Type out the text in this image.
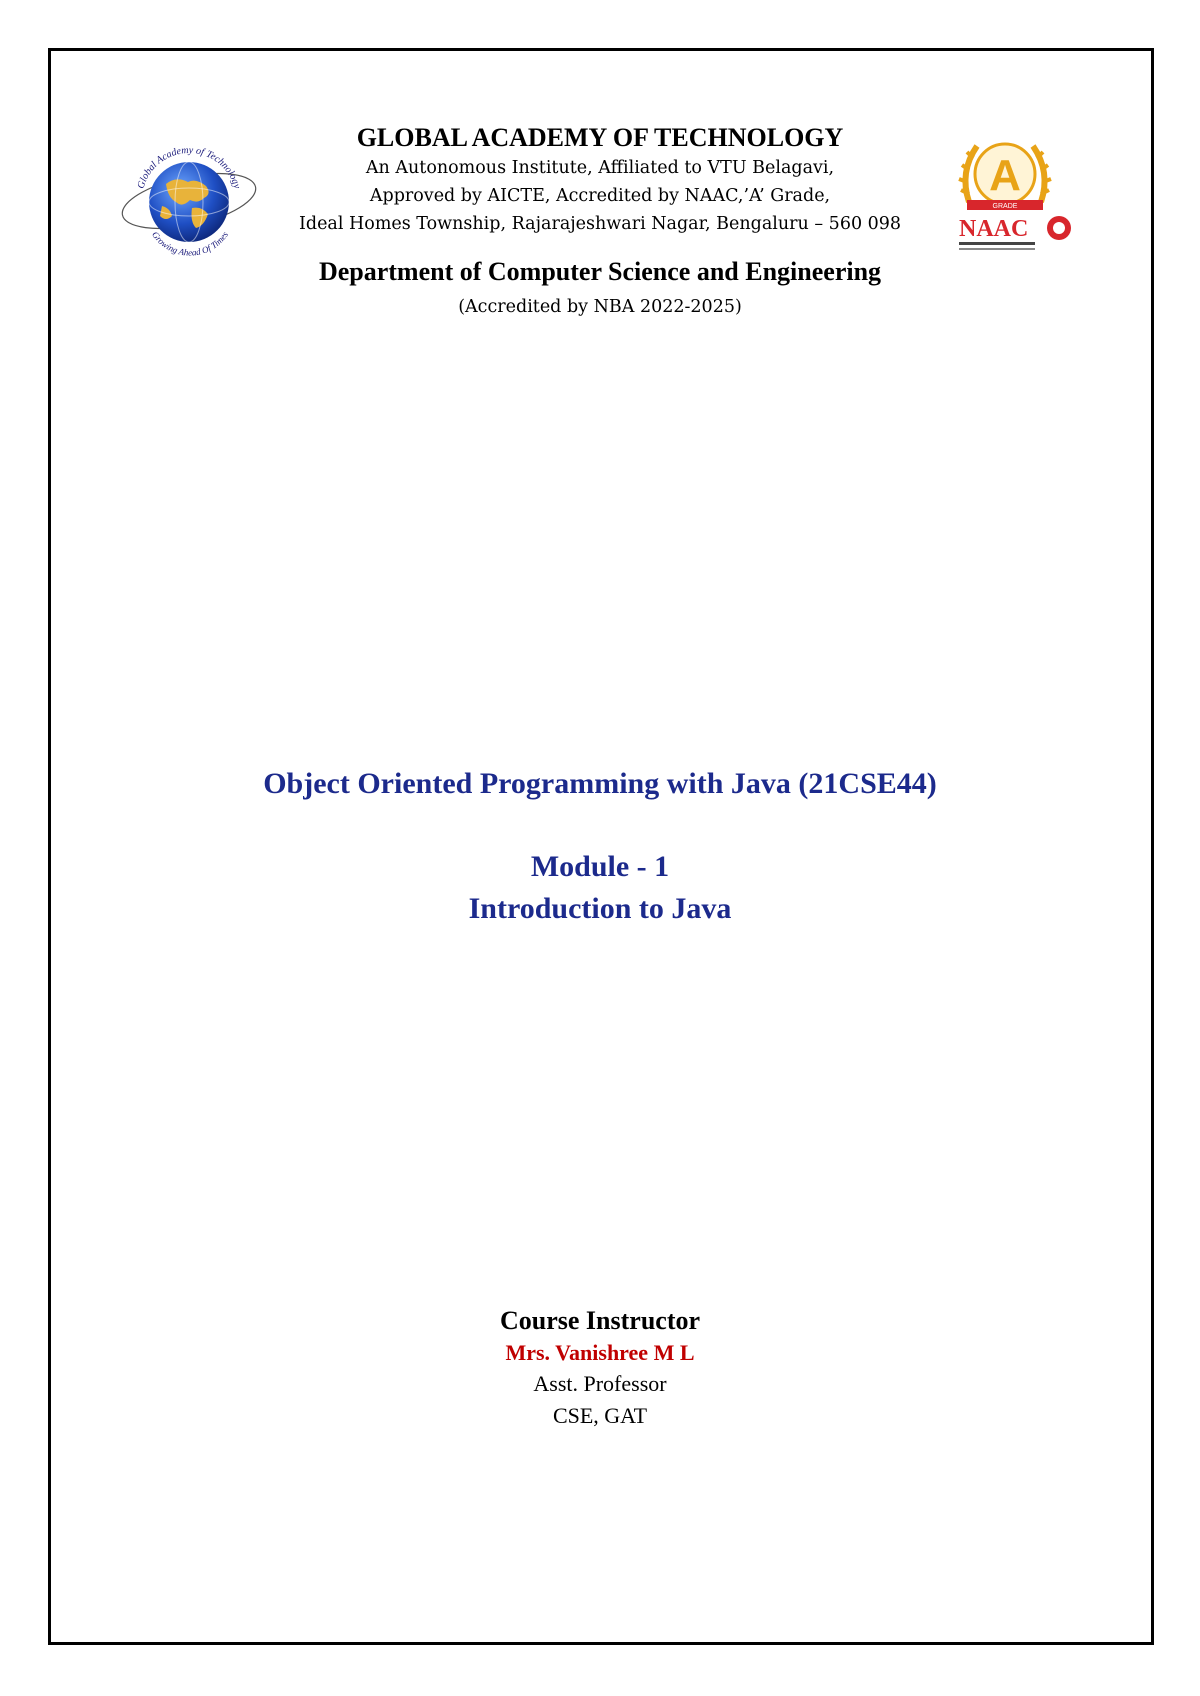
Global Academy of Technology
Growing Ahead Of Times
A
GRADE
NAAC

GLOBAL ACADEMY OF TECHNOLOGY

An Autonomous Institute, Affiliated to VTU Belagavi,

Approved by AICTE, Accredited by NAAC,’A’ Grade,

Ideal Homes Township, Rajarajeshwari Nagar, Bengaluru – 560 098

Department of Computer Science and Engineering
(Accredited by NBA 2022-2025)
Object Oriented Programming with Java (21CSE44)
Module - 1
Introduction to Java
Course Instructor
Mrs. Vanishree M L
Asst. Professor
CSE, GAT
